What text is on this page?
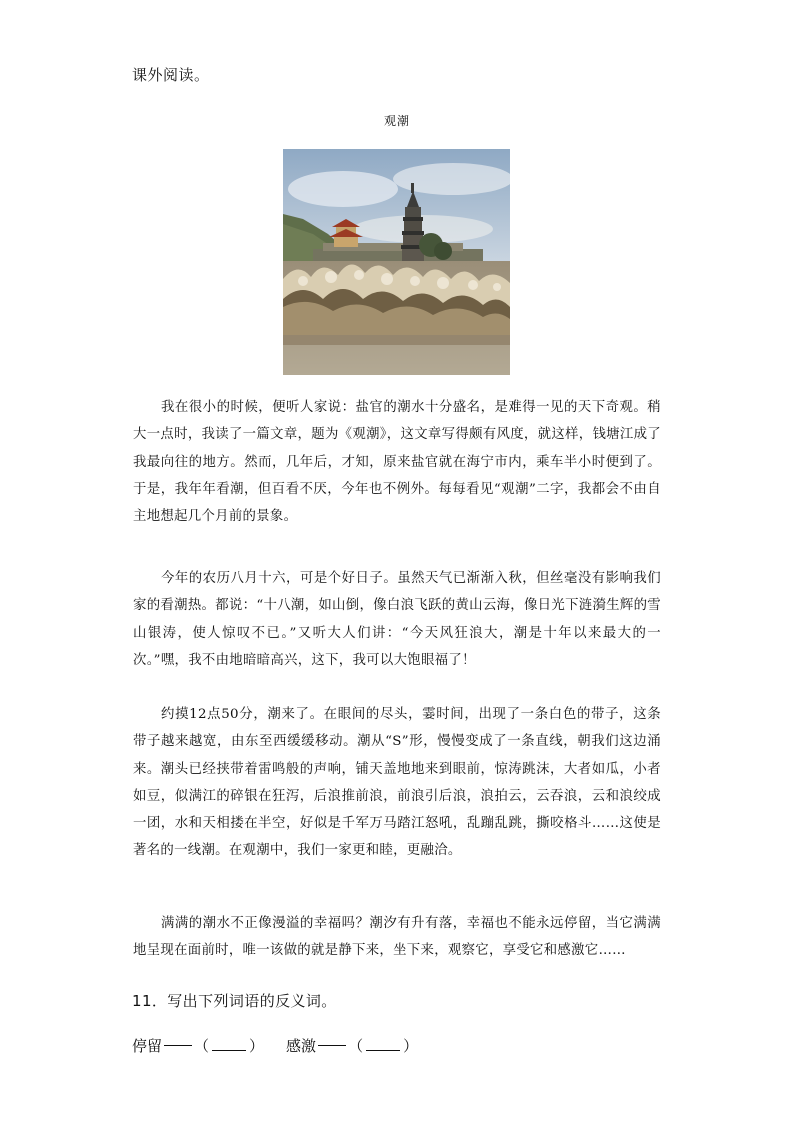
课外阅读。
观潮

我在很小的时候，便听人家说：盐官的潮水十分盛名，是难得一见的天下奇观。稍大一点时，我读了一篇文章，题为《观潮》，这文章写得颇有风度，就这样，钱塘江成了我最向往的地方。然而，几年后，才知，原来盐官就在海宁市内，乘车半小时便到了。于是，我年年看潮，但百看不厌，今年也不例外。每每看见“观潮”二字，我都会不由自主地想起几个月前的景象。

今年的农历八月十六，可是个好日子。虽然天气已渐渐入秋，但丝毫没有影响我们家的看潮热。都说：“十八潮，如山倒，像白浪飞跃的黄山云海，像日光下涟漪生辉的雪山银涛，使人惊叹不已。”又听大人们讲：“今天风狂浪大，潮是十年以来最大的一次。”嘿，我不由地暗暗高兴，这下，我可以大饱眼福了！

约摸12点50分，潮来了。在眼间的尽头，霎时间，出现了一条白色的带子，这条带子越来越宽，由东至西缓缓移动。潮从“S”形，慢慢变成了一条直线，朝我们这边涌来。潮头已经挟带着雷鸣般的声响，铺天盖地地来到眼前，惊涛跳沫，大者如瓜，小者如豆，似满江的碎银在狂泻，后浪推前浪，前浪引后浪，浪拍云，云吞浪，云和浪绞成一团，水和天相搂在半空，好似是千军万马踏江怒吼，乱蹦乱跳，撕咬格斗……这使是著名的一线潮。在观潮中，我们一家更和睦，更融洽。

满满的潮水不正像漫溢的幸福吗？潮汐有升有落，幸福也不能永远停留，当它满满地呈现在面前时，唯一该做的就是静下来，坐下来，观察它，享受它和感激它……

11．写出下列词语的反义词。
停留 （	） 感激 （	）
